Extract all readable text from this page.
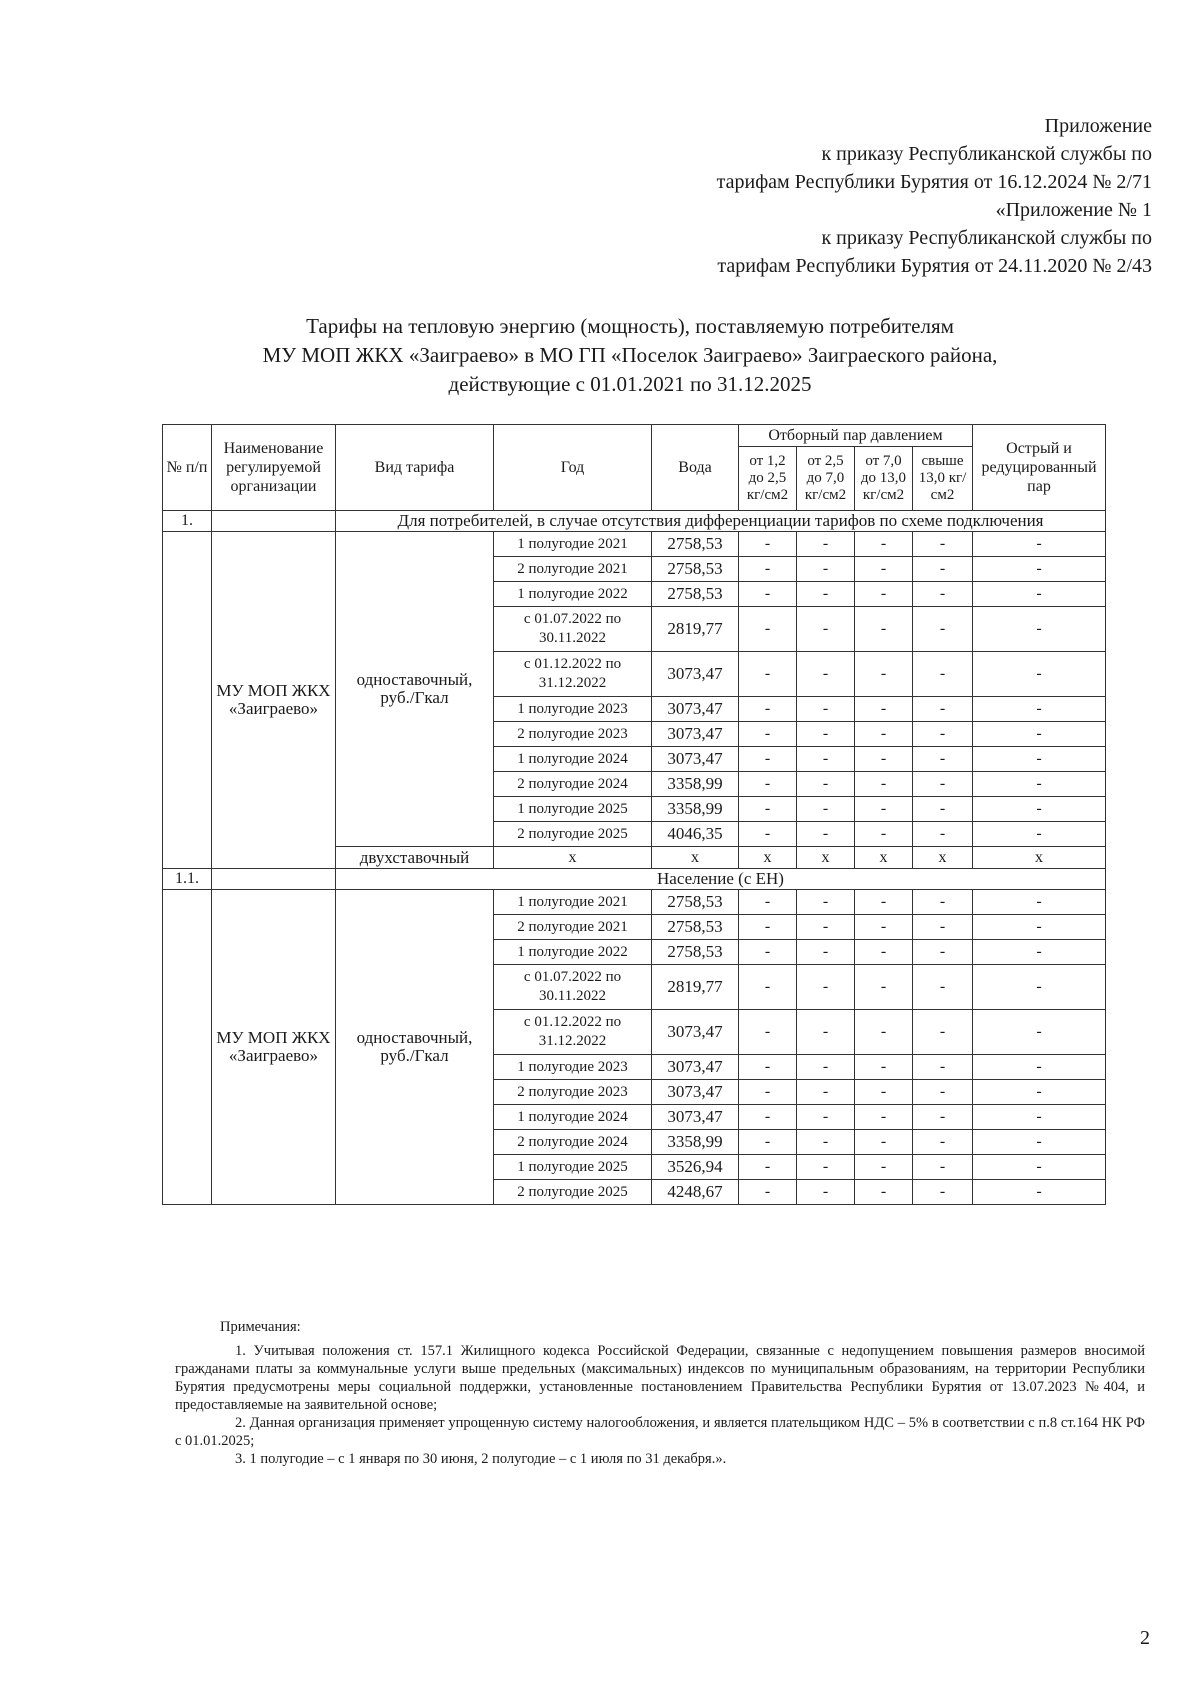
Приложение
к приказу Республиканской службы по
тарифам Республики Бурятия от 16.12.2024 № 2/71
«Приложение № 1
к приказу Республиканской службы по
тарифам Республики Бурятия от 24.11.2020 № 2/43
Тарифы на тепловую энергию (мощность), поставляемую потребителям
МУ МОП ЖКХ «Заиграево» в МО ГП «Поселок Заиграево» Заиграеского района,
действующие с 01.01.2021 по 31.12.2025
№ п/п	Наименование регулируемой организации	Вид тарифа	Год	Вода	Отборный пар давлением				Острый и редуцированный пар
					от 1,2 до 2,5 кг/см2	от 2,5 до 7,0 кг/см2	от 7,0 до 13,0 кг/см2	свыше 13,0 кг/см2	
1.		Для потребителей, в случае отсутствия дифференциации тарифов по схеме подключения							
	МУ МОП ЖКХ «Заиграево»	одноставочный, руб./Гкал	1 полугодие 2021	2758,53	-	-	-	-	-
			2 полугодие 2021	2758,53	-	-	-	-	-
			1 полугодие 2022	2758,53	-	-	-	-	-
			с 01.07.2022 по 30.11.2022	2819,77	-	-	-	-	-
			с 01.12.2022 по 31.12.2022	3073,47	-	-	-	-	-
			1 полугодие 2023	3073,47	-	-	-	-	-
			2 полугодие 2023	3073,47	-	-	-	-	-
			1 полугодие 2024	3073,47	-	-	-	-	-
			2 полугодие 2024	3358,99	-	-	-	-	-
			1 полугодие 2025	3358,99	-	-	-	-	-
			2 полугодие 2025	4046,35	-	-	-	-	-
		двухставочный	х	х	х	х	х	х	х
1.1.		Население (с ЕН)							
	МУ МОП ЖКХ «Заиграево»	одноставочный, руб./Гкал	1 полугодие 2021	2758,53	-	-	-	-	-
			2 полугодие 2021	2758,53	-	-	-	-	-
			1 полугодие 2022	2758,53	-	-	-	-	-
			с 01.07.2022 по 30.11.2022	2819,77	-	-	-	-	-
			с 01.12.2022 по 31.12.2022	3073,47	-	-	-	-	-
			1 полугодие 2023	3073,47	-	-	-	-	-
			2 полугодие 2023	3073,47	-	-	-	-	-
			1 полугодие 2024	3073,47	-	-	-	-	-
			2 полугодие 2024	3358,99	-	-	-	-	-
			1 полугодие 2025	3526,94	-	-	-	-	-
			2 полугодие 2025	4248,67	-	-	-	-	-
Примечания:
1. Учитывая положения ст. 157.1 Жилищного кодекса Российской Федерации, связанные с недопущением повышения размеров вносимой гражданами платы за коммунальные услуги выше предельных (максимальных) индексов по муниципальным образованиям, на территории Республики Бурятия предусмотрены меры социальной поддержки, установленные постановлением Правительства Республики Бурятия от 13.07.2023 №404, и предоставляемые на заявительной основе;
2. Данная организация применяет упрощенную систему налогообложения, и является плательщиком НДС – 5% в соответствии с п.8 ст.164 НК РФ с 01.01.2025;
3. 1 полугодие – с 1 января по 30 июня, 2 полугодие – с 1 июля по 31 декабря.».
2
